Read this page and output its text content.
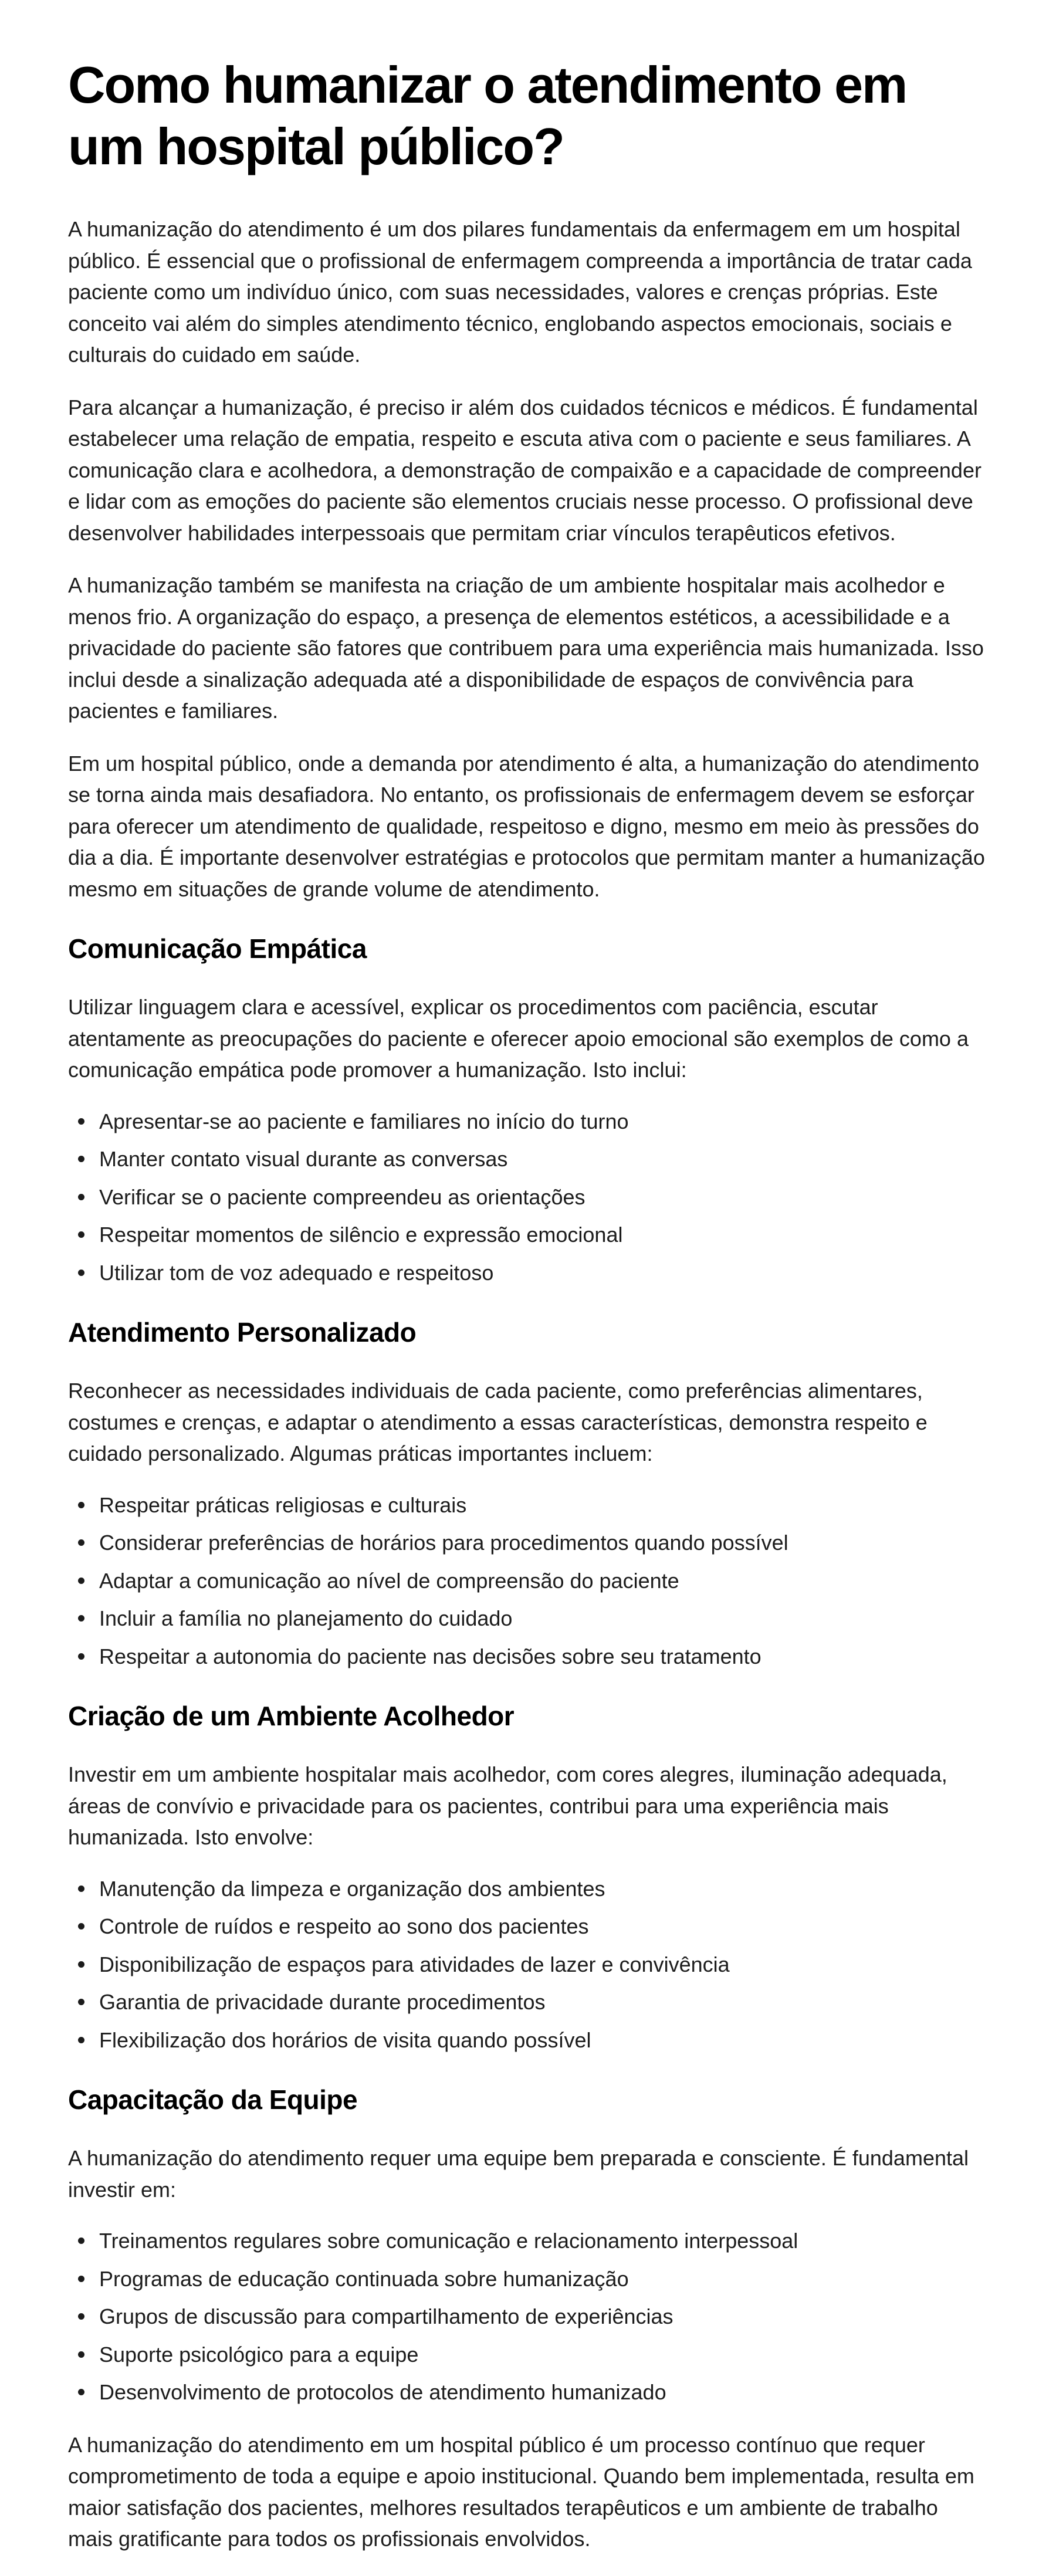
Como humanizar o atendimento em um hospital público?

A humanização do atendimento é um dos pilares fundamentais da enfermagem em um hospital público. É essencial que o profissional de enfermagem compreenda a importância de tratar cada paciente como um indivíduo único, com suas necessidades, valores e crenças próprias. Este conceito vai além do simples atendimento técnico, englobando aspectos emocionais, sociais e culturais do cuidado em saúde.

Para alcançar a humanização, é preciso ir além dos cuidados técnicos e médicos. É fundamental estabelecer uma relação de empatia, respeito e escuta ativa com o paciente e seus familiares. A comunicação clara e acolhedora, a demonstração de compaixão e a capacidade de compreender e lidar com as emoções do paciente são elementos cruciais nesse processo. O profissional deve desenvolver habilidades interpessoais que permitam criar vínculos terapêuticos efetivos.

A humanização também se manifesta na criação de um ambiente hospitalar mais acolhedor e menos frio. A organização do espaço, a presença de elementos estéticos, a acessibilidade e a privacidade do paciente são fatores que contribuem para uma experiência mais humanizada. Isso inclui desde a sinalização adequada até a disponibilidade de espaços de convivência para pacientes e familiares.

Em um hospital público, onde a demanda por atendimento é alta, a humanização do atendimento se torna ainda mais desafiadora. No entanto, os profissionais de enfermagem devem se esforçar para oferecer um atendimento de qualidade, respeitoso e digno, mesmo em meio às pressões do dia a dia. É importante desenvolver estratégias e protocolos que permitam manter a humanização mesmo em situações de grande volume de atendimento.

Comunicação Empática

Utilizar linguagem clara e acessível, explicar os procedimentos com paciência, escutar atentamente as preocupações do paciente e oferecer apoio emocional são exemplos de como a comunicação empática pode promover a humanização. Isto inclui:

Apresentar-se ao paciente e familiares no início do turno
Manter contato visual durante as conversas
Verificar se o paciente compreendeu as orientações
Respeitar momentos de silêncio e expressão emocional
Utilizar tom de voz adequado e respeitoso
Atendimento Personalizado

Reconhecer as necessidades individuais de cada paciente, como preferências alimentares, costumes e crenças, e adaptar o atendimento a essas características, demonstra respeito e cuidado personalizado. Algumas práticas importantes incluem:

Respeitar práticas religiosas e culturais
Considerar preferências de horários para procedimentos quando possível
Adaptar a comunicação ao nível de compreensão do paciente
Incluir a família no planejamento do cuidado
Respeitar a autonomia do paciente nas decisões sobre seu tratamento
Criação de um Ambiente Acolhedor

Investir em um ambiente hospitalar mais acolhedor, com cores alegres, iluminação adequada, áreas de convívio e privacidade para os pacientes, contribui para uma experiência mais humanizada. Isto envolve:

Manutenção da limpeza e organização dos ambientes
Controle de ruídos e respeito ao sono dos pacientes
Disponibilização de espaços para atividades de lazer e convivência
Garantia de privacidade durante procedimentos
Flexibilização dos horários de visita quando possível
Capacitação da Equipe

A humanização do atendimento requer uma equipe bem preparada e consciente. É fundamental investir em:

Treinamentos regulares sobre comunicação e relacionamento interpessoal
Programas de educação continuada sobre humanização
Grupos de discussão para compartilhamento de experiências
Suporte psicológico para a equipe
Desenvolvimento de protocolos de atendimento humanizado

A humanização do atendimento em um hospital público é um processo contínuo que requer comprometimento de toda a equipe e apoio institucional. Quando bem implementada, resulta em maior satisfação dos pacientes, melhores resultados terapêuticos e um ambiente de trabalho mais gratificante para todos os profissionais envolvidos.
